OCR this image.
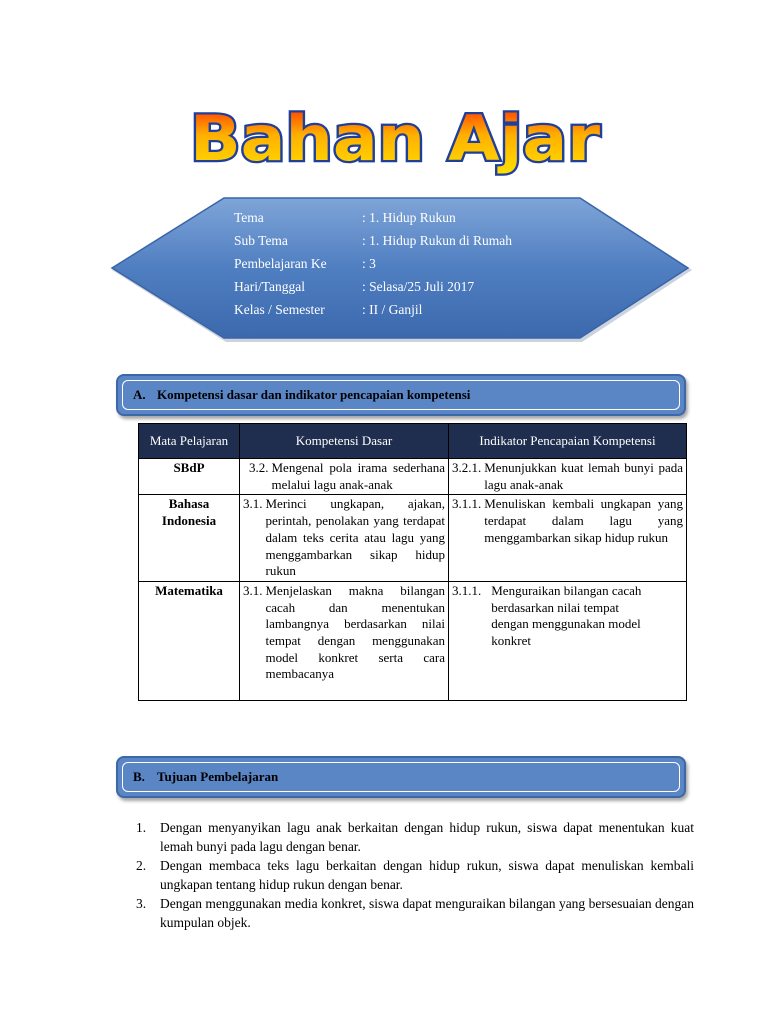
Bahan Ajar
Tema	: 1. Hidup Rukun
Sub Tema	: 1. Hidup Rukun di Rumah
Pembelajaran Ke	: 3
Hari/Tanggal	: Selasa/25 Juli 2017
Kelas / Semester	: II / Ganjil
A. Kompetensi dasar dan indikator pencapaian kompetensi
Mata Pelajaran	Kompetensi Dasar	Indikator Pencapaian Kompetensi
SBdP	3.2. Mengenal pola irama sederhana melalui lagu anak-anak	3.2.1. Menunjukkan kuat lemah bunyi pada lagu anak-anak

Bahasa Indonesia	3.1. Merinci ungkapan, ajakan, perintah, penolakan yang terdapat dalam teks cerita atau lagu yang menggambarkan sikap hidup rukun	3.1.1. Menuliskan kembali ungkapan yang terdapat dalam lagu yang menggambarkan sikap hidup rukun

Matematika	3.1. Menjelaskan makna bilangan cacah dan menentukan lambangnya berdasarkan nilai tempat dengan menggunakan model konkret serta cara membacanya	3.1.1. Menguraikan bilangan cacah berdasarkan nilai tempat dengan menggunakan model konkret
B. Tujuan Pembelajaran
1.	Dengan menyanyikan lagu anak berkaitan dengan hidup rukun, siswa dapat menentukan kuat lemah bunyi pada lagu dengan benar.
2.	Dengan membaca teks lagu berkaitan dengan hidup rukun, siswa dapat menuliskan kembali ungkapan tentang hidup rukun dengan benar.
3.	Dengan menggunakan media konkret, siswa dapat menguraikan bilangan yang bersesuaian dengan kumpulan objek.
